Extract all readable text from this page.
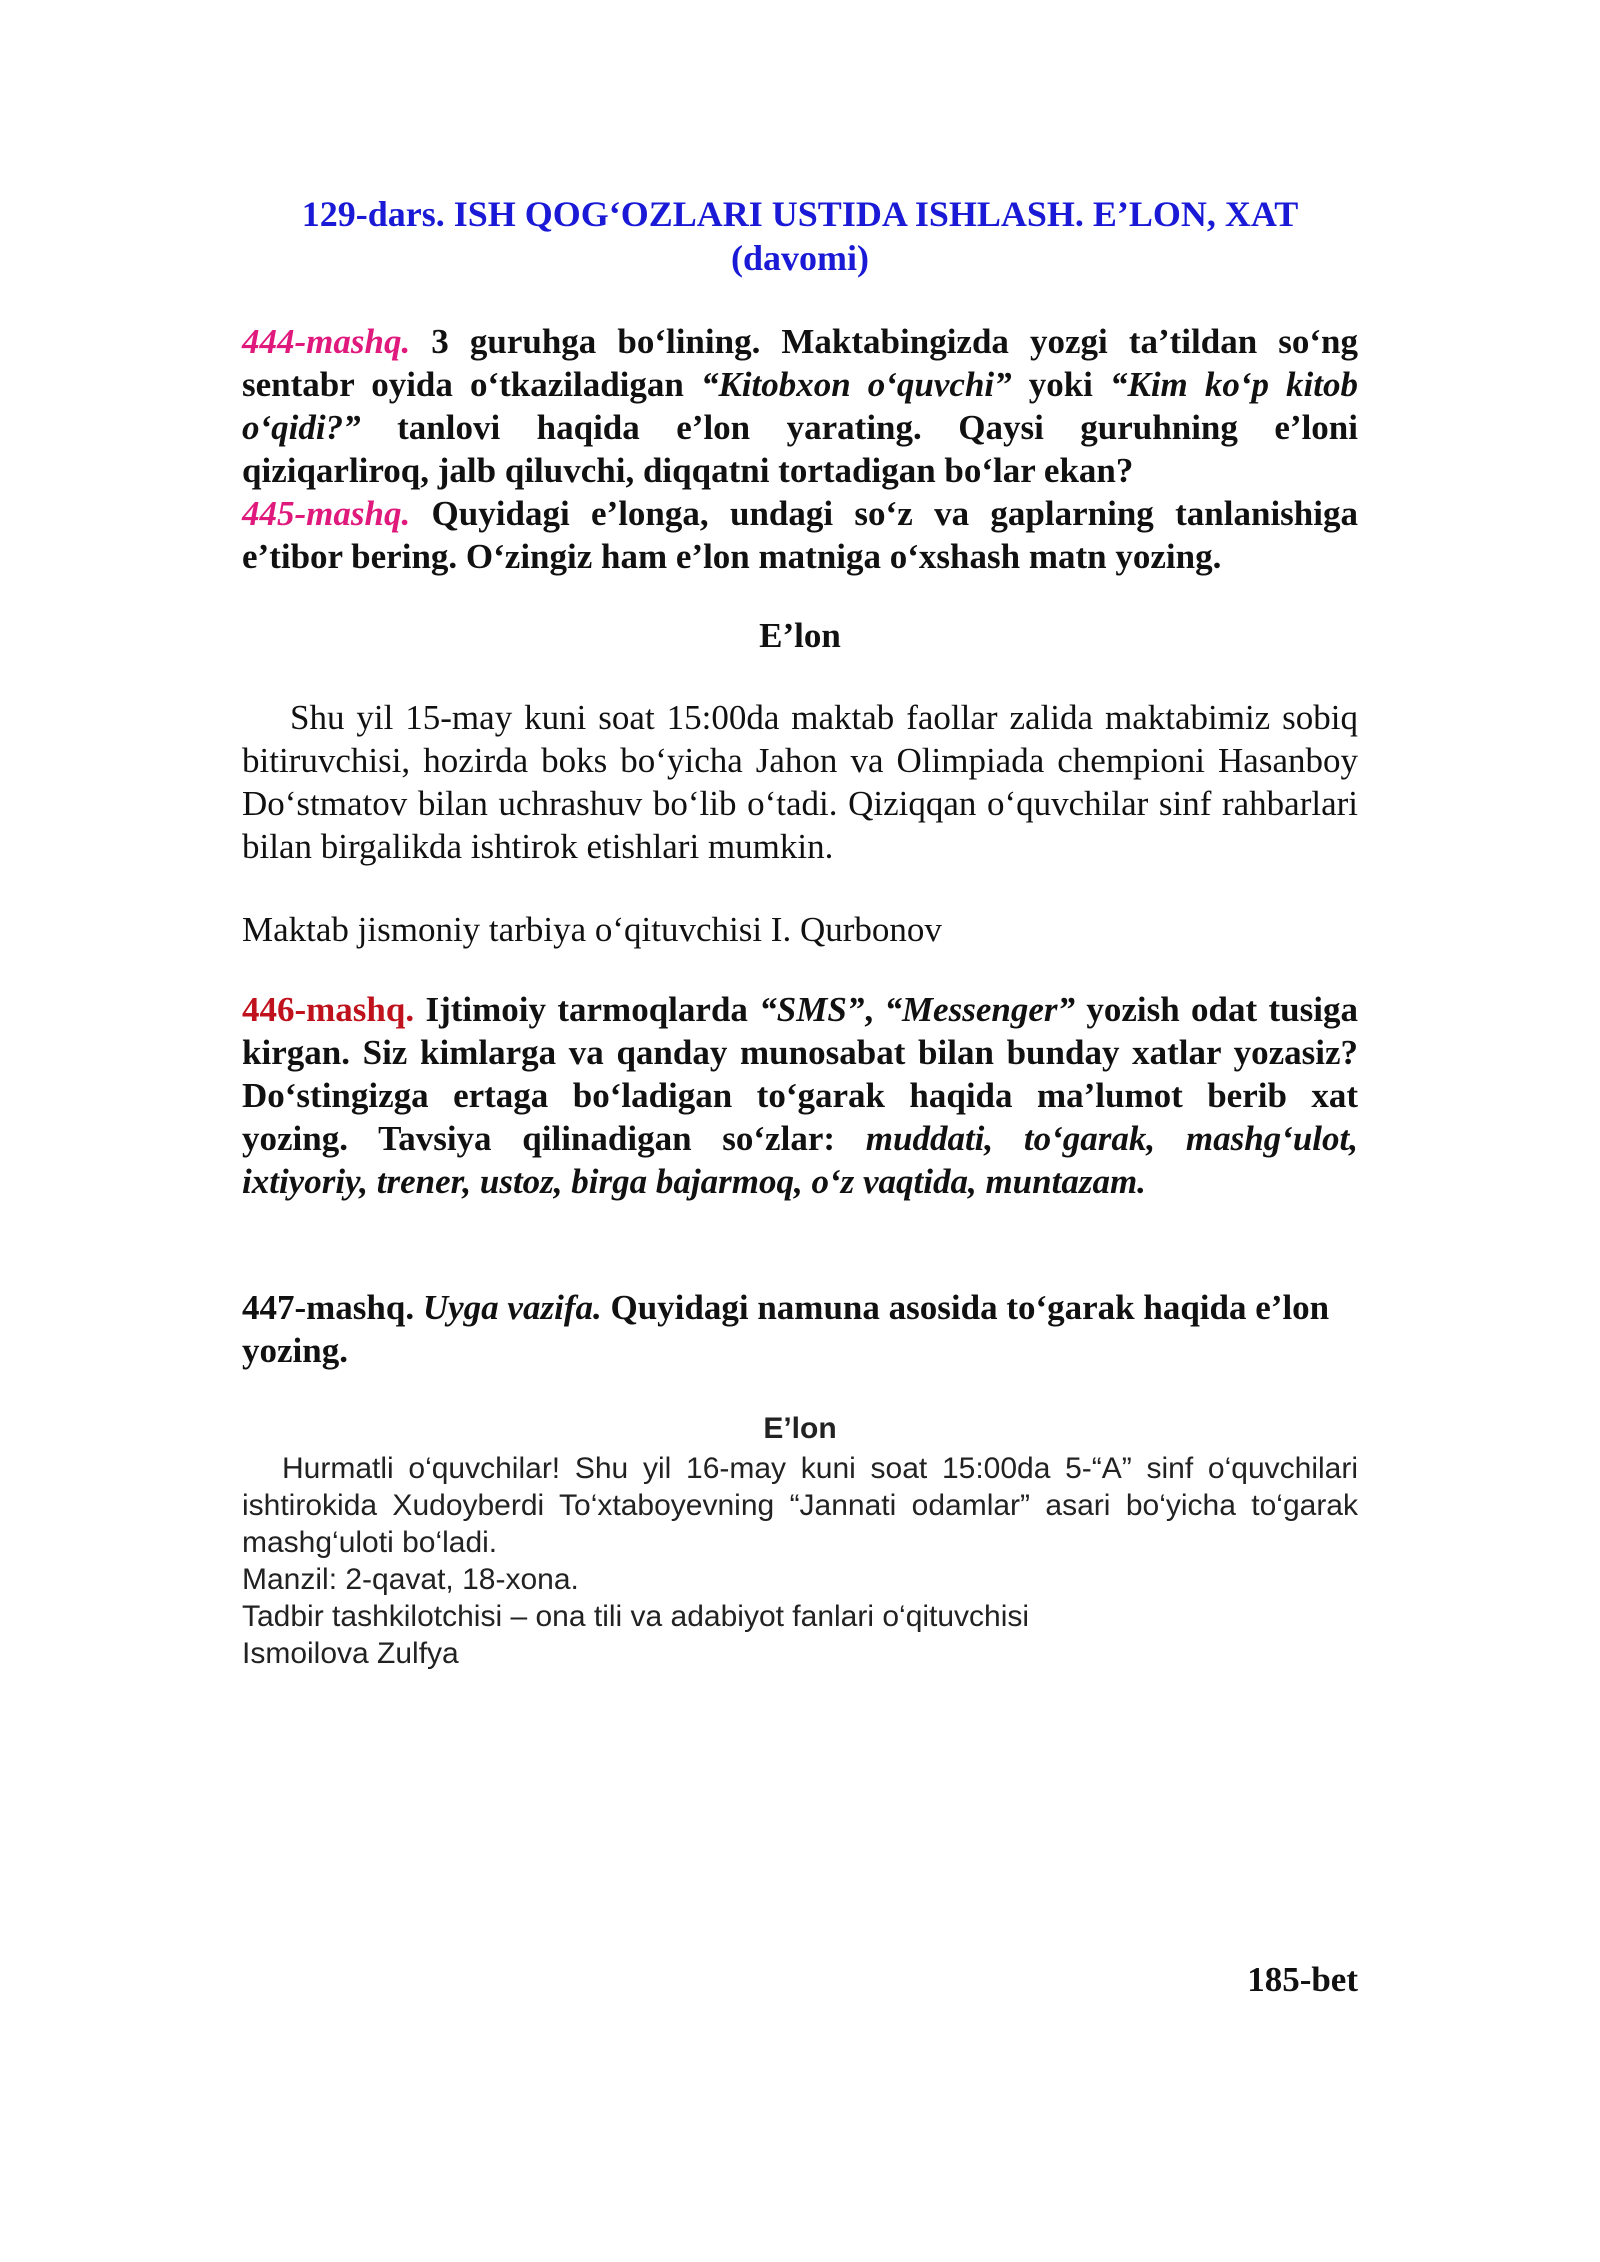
129-dars. ISH QOG‘OZLARI USTIDA ISHLASH. E’LON, XAT
(davomi)
444-mashq. 3 guruhga bo‘lining. Maktabingizda yozgi ta’tildan so‘ng sentabr oyida o‘tkaziladigan “Kitobxon o‘quvchi” yoki “Kim ko‘p kitob o‘qidi?” tanlovi haqida e’lon yarating. Qaysi guruhning e’loni qiziqarliroq, jalb qiluvchi, diqqatni tortadigan bo‘lar ekan?
445-mashq. Quyidagi e’longa, undagi so‘z va gaplarning tanlanishiga e’tibor bering. O‘zingiz ham e’lon matniga o‘xshash matn yozing.
E’lon
Shu yil 15-may kuni soat 15:00da maktab faollar zalida maktabimiz sobiq bitiruvchisi, hozirda boks bo‘yicha Jahon va Olimpiada chempioni Hasanboy Do‘stmatov bilan uchrashuv bo‘lib o‘tadi. Qiziqqan o‘quvchilar sinf rahbarlari bilan birgalikda ishtirok etishlari mumkin.
Maktab jismoniy tarbiya o‘qituvchisi I. Qurbonov
446-mashq. Ijtimoiy tarmoqlarda “SMS”, “Messenger” yozish odat tusiga kirgan. Siz kimlarga va qanday munosabat bilan bunday xatlar yozasiz? Do‘stingizga ertaga bo‘ladigan to‘garak haqida ma’lumot berib xat yozing. Tavsiya qilinadigan so‘zlar: muddati, to‘garak, mashg‘ulot, ixtiyoriy, trener, ustoz, birga bajarmoq, o‘z vaqtida, muntazam.
447-mashq. Uyga vazifa. Quyidagi namuna asosida to‘garak haqida e’lon yozing.
E’lon
Hurmatli o‘quvchilar! Shu yil 16-may kuni soat 15:00da 5-“A” sinf o‘quvchilari ishtirokida Xudoyberdi To‘xtaboyevning “Jannati odamlar” asari bo‘yicha to‘garak mashg‘uloti bo‘ladi.
Manzil: 2-qavat, 18-xona.
Tadbir tashkilotchisi – ona tili va adabiyot fanlari o‘qituvchisi
Ismoilova Zulfya
185-bet
